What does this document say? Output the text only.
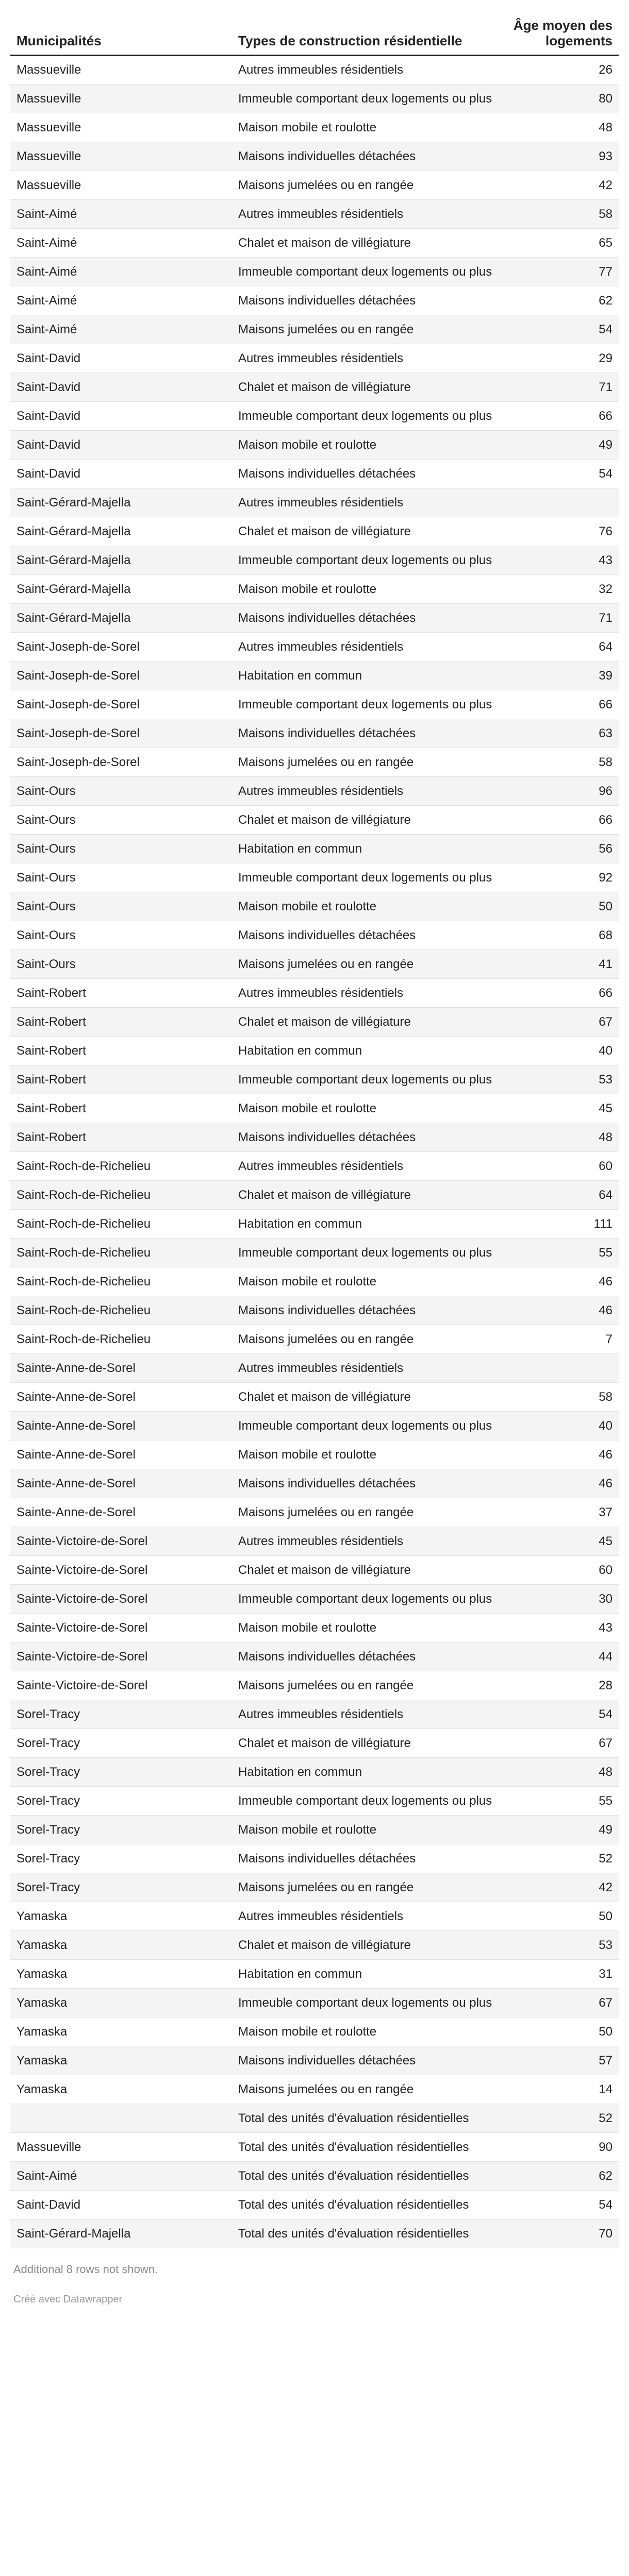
Municipalités	Types de construction résidentielle	Âge moyen des logements
Massueville	Autres immeubles résidentiels	26
Massueville	Immeuble comportant deux logements ou plus	80
Massueville	Maison mobile et roulotte	48
Massueville	Maisons individuelles détachées	93
Massueville	Maisons jumelées ou en rangée	42
Saint-Aimé	Autres immeubles résidentiels	58
Saint-Aimé	Chalet et maison de villégiature	65
Saint-Aimé	Immeuble comportant deux logements ou plus	77
Saint-Aimé	Maisons individuelles détachées	62
Saint-Aimé	Maisons jumelées ou en rangée	54
Saint-David	Autres immeubles résidentiels	29
Saint-David	Chalet et maison de villégiature	71
Saint-David	Immeuble comportant deux logements ou plus	66
Saint-David	Maison mobile et roulotte	49
Saint-David	Maisons individuelles détachées	54
Saint-Gérard-Majella	Autres immeubles résidentiels	
Saint-Gérard-Majella	Chalet et maison de villégiature	76
Saint-Gérard-Majella	Immeuble comportant deux logements ou plus	43
Saint-Gérard-Majella	Maison mobile et roulotte	32
Saint-Gérard-Majella	Maisons individuelles détachées	71
Saint-Joseph-de-Sorel	Autres immeubles résidentiels	64
Saint-Joseph-de-Sorel	Habitation en commun	39
Saint-Joseph-de-Sorel	Immeuble comportant deux logements ou plus	66
Saint-Joseph-de-Sorel	Maisons individuelles détachées	63
Saint-Joseph-de-Sorel	Maisons jumelées ou en rangée	58
Saint-Ours	Autres immeubles résidentiels	96
Saint-Ours	Chalet et maison de villégiature	66
Saint-Ours	Habitation en commun	56
Saint-Ours	Immeuble comportant deux logements ou plus	92
Saint-Ours	Maison mobile et roulotte	50
Saint-Ours	Maisons individuelles détachées	68
Saint-Ours	Maisons jumelées ou en rangée	41
Saint-Robert	Autres immeubles résidentiels	66
Saint-Robert	Chalet et maison de villégiature	67
Saint-Robert	Habitation en commun	40
Saint-Robert	Immeuble comportant deux logements ou plus	53
Saint-Robert	Maison mobile et roulotte	45
Saint-Robert	Maisons individuelles détachées	48
Saint-Roch-de-Richelieu	Autres immeubles résidentiels	60
Saint-Roch-de-Richelieu	Chalet et maison de villégiature	64
Saint-Roch-de-Richelieu	Habitation en commun	111
Saint-Roch-de-Richelieu	Immeuble comportant deux logements ou plus	55
Saint-Roch-de-Richelieu	Maison mobile et roulotte	46
Saint-Roch-de-Richelieu	Maisons individuelles détachées	46
Saint-Roch-de-Richelieu	Maisons jumelées ou en rangée	7
Sainte-Anne-de-Sorel	Autres immeubles résidentiels	
Sainte-Anne-de-Sorel	Chalet et maison de villégiature	58
Sainte-Anne-de-Sorel	Immeuble comportant deux logements ou plus	40
Sainte-Anne-de-Sorel	Maison mobile et roulotte	46
Sainte-Anne-de-Sorel	Maisons individuelles détachées	46
Sainte-Anne-de-Sorel	Maisons jumelées ou en rangée	37
Sainte-Victoire-de-Sorel	Autres immeubles résidentiels	45
Sainte-Victoire-de-Sorel	Chalet et maison de villégiature	60
Sainte-Victoire-de-Sorel	Immeuble comportant deux logements ou plus	30
Sainte-Victoire-de-Sorel	Maison mobile et roulotte	43
Sainte-Victoire-de-Sorel	Maisons individuelles détachées	44
Sainte-Victoire-de-Sorel	Maisons jumelées ou en rangée	28
Sorel-Tracy	Autres immeubles résidentiels	54
Sorel-Tracy	Chalet et maison de villégiature	67
Sorel-Tracy	Habitation en commun	48
Sorel-Tracy	Immeuble comportant deux logements ou plus	55
Sorel-Tracy	Maison mobile et roulotte	49
Sorel-Tracy	Maisons individuelles détachées	52
Sorel-Tracy	Maisons jumelées ou en rangée	42
Yamaska	Autres immeubles résidentiels	50
Yamaska	Chalet et maison de villégiature	53
Yamaska	Habitation en commun	31
Yamaska	Immeuble comportant deux logements ou plus	67
Yamaska	Maison mobile et roulotte	50
Yamaska	Maisons individuelles détachées	57
Yamaska	Maisons jumelées ou en rangée	14
	Total des unités d'évaluation résidentielles	52
Massueville	Total des unités d'évaluation résidentielles	90
Saint-Aimé	Total des unités d'évaluation résidentielles	62
Saint-David	Total des unités d'évaluation résidentielles	54
Saint-Gérard-Majella	Total des unités d'évaluation résidentielles	70
Additional 8 rows not shown.
Créé avec Datawrapper
